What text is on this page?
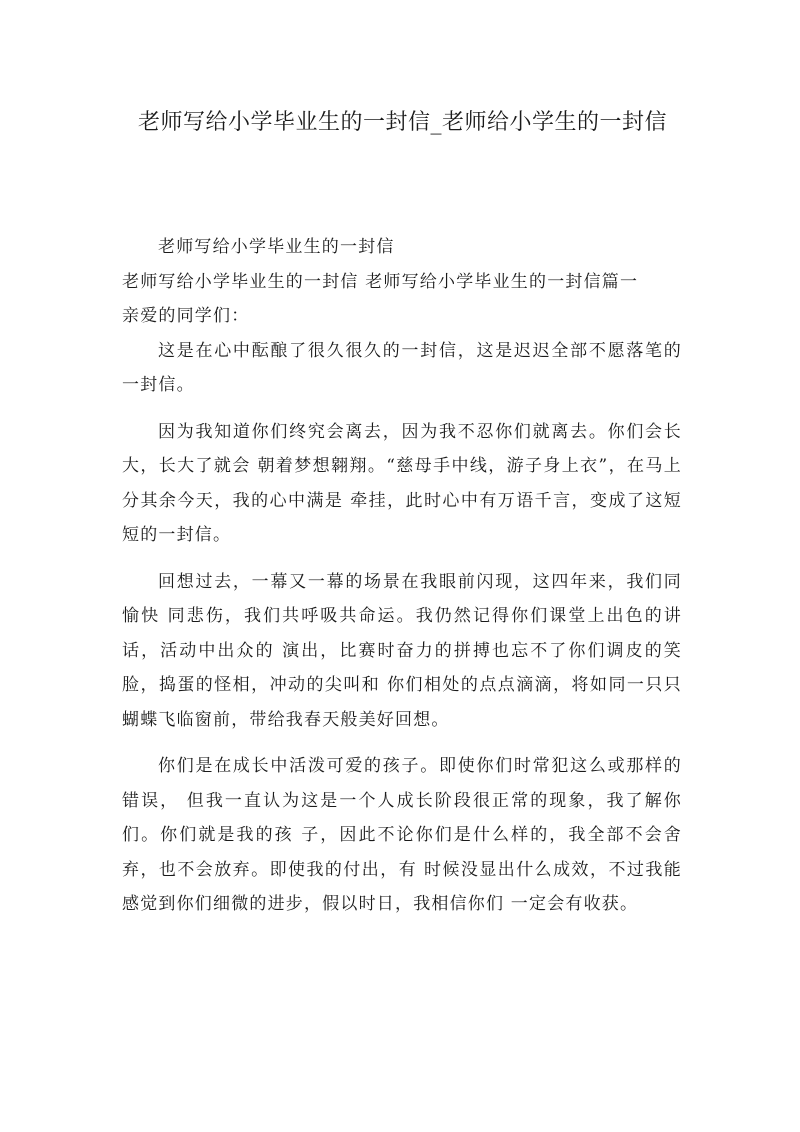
老师写给小学毕业生的一封信_老师给小学生的一封信

老师写给小学毕业生的一封信

老师写给小学毕业生的一封信 老师写给小学毕业生的一封信篇一

亲爱的同学们：

这是在心中酝酿了很久很久的一封信，这是迟迟全部不愿落笔的一封信。

因为我知道你们终究会离去，因为我不忍你们就离去。你们会长大，长大了就会 朝着梦想翱翔。“慈母手中线，游子身上衣”，在马上分其余今天，我的心中满是 牵挂，此时心中有万语千言，变成了这短短的一封信。

回想过去，一幕又一幕的场景在我眼前闪现，这四年来，我们同愉快 同悲伤，我们共呼吸共命运。我仍然记得你们课堂上出色的讲话，活动中出众的 演出，比赛时奋力的拼搏也忘不了你们调皮的笑脸，捣蛋的怪相，冲动的尖叫和 你们相处的点点滴滴，将如同一只只蝴蝶飞临窗前，带给我春天般美好回想。

你们是在成长中活泼可爱的孩子。即使你们时常犯这么或那样的错误， 但我一直认为这是一个人成长阶段很正常的现象，我了解你们。你们就是我的孩 子，因此不论你们是什么样的，我全部不会舍弃，也不会放弃。即使我的付出，有 时候没显出什么成效，不过我能感觉到你们细微的进步，假以时日，我相信你们 一定会有收获。
